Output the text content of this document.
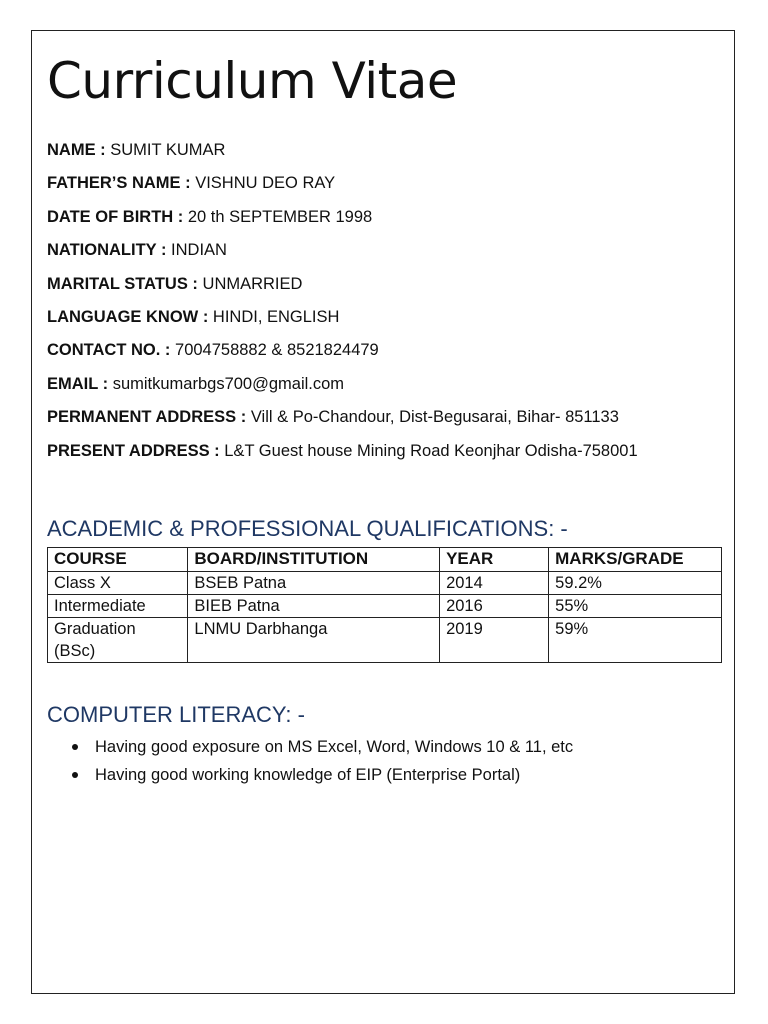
Curriculum Vitae
NAME : SUMIT KUMAR
FATHER’S NAME : VISHNU DEO RAY
DATE OF BIRTH : 20 th SEPTEMBER 1998
NATIONALITY : INDIAN
MARITAL STATUS : UNMARRIED
LANGUAGE KNOW : HINDI, ENGLISH
CONTACT NO. : 7004758882 & 8521824479
EMAIL : sumitkumarbgs700@gmail.com
PERMANENT ADDRESS : Vill & Po-Chandour, Dist-Begusarai, Bihar- 851133
PRESENT ADDRESS : L&T Guest house Mining Road Keonjhar Odisha-758001
ACADEMIC & PROFESSIONAL QUALIFICATIONS: -
COURSE	BOARD/INSTITUTION	YEAR	MARKS/GRADE
Class X	BSEB Patna	2014	59.2%
Intermediate	BIEB Patna	2016	55%
Graduation (BSc)	LNMU Darbhanga	2019	59%
COMPUTER LITERACY: -
Having good exposure on MS Excel, Word, Windows 10 & 11, etc
Having good working knowledge of EIP (Enterprise Portal)
